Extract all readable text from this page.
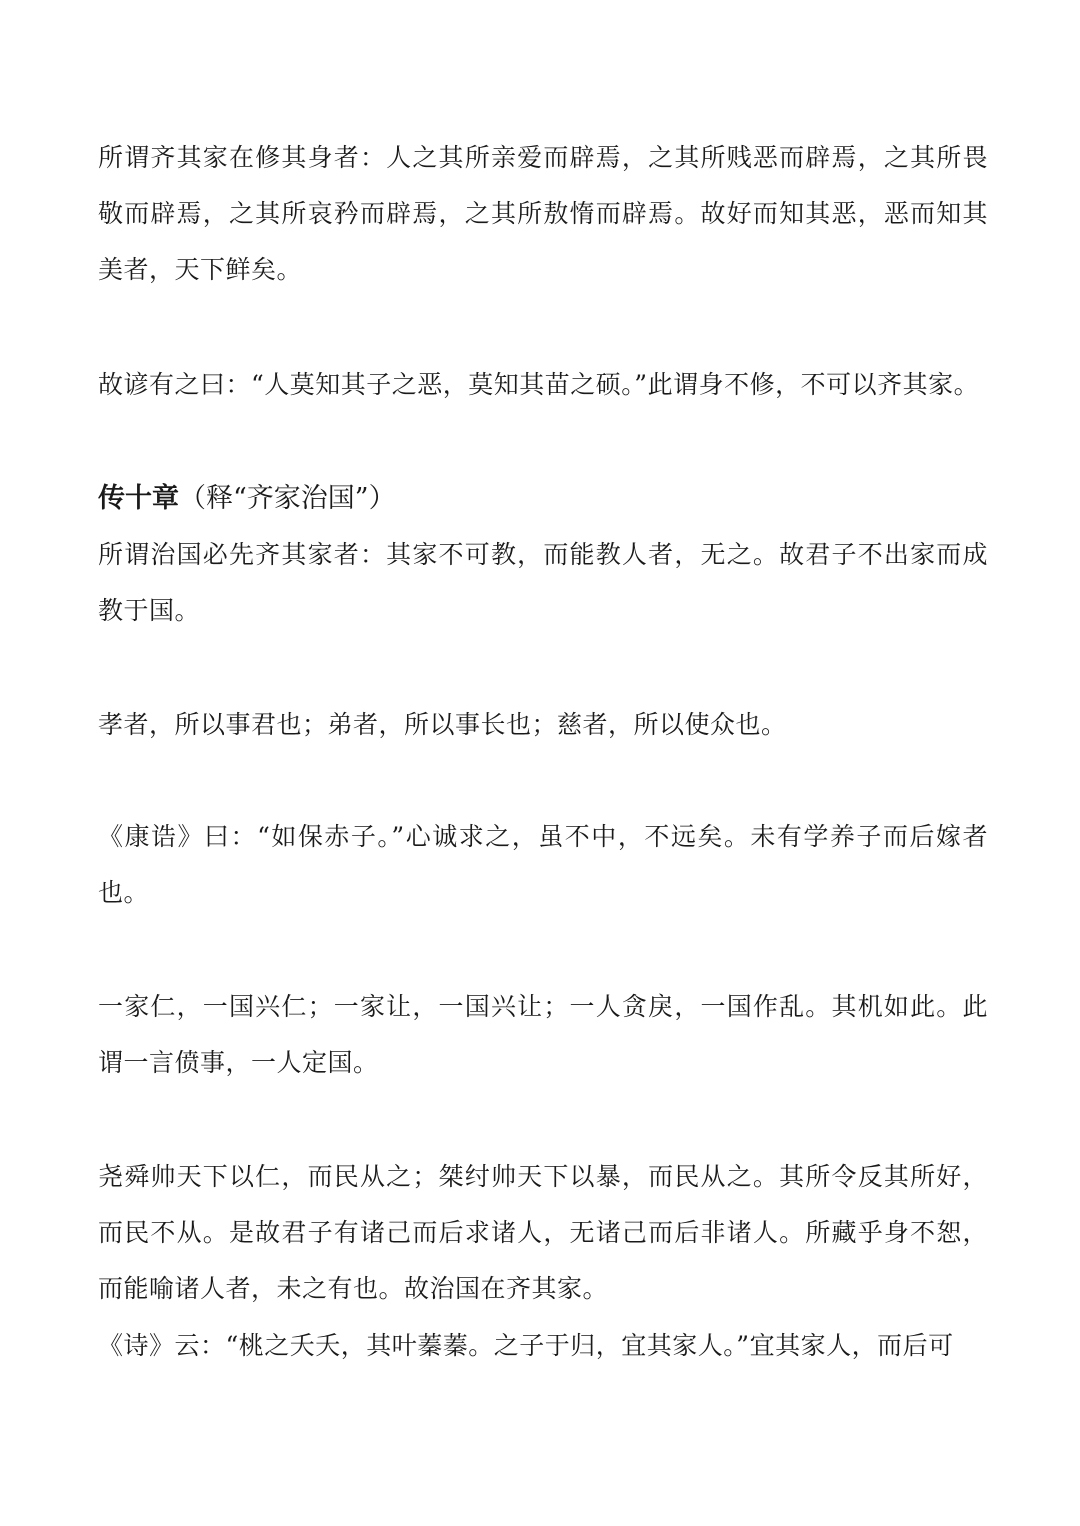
所谓齐其家在修其身者：人之其所亲爱而辟焉，之其所贱恶而辟焉，之其所畏敬而辟焉，之其所哀矜而辟焉，之其所敖惰而辟焉。故好而知其恶，恶而知其美者，天下鲜矣。

故谚有之曰：“人莫知其子之恶，莫知其苗之硕。”此谓身不修，不可以齐其家。

传十章（释“齐家治国”）

所谓治国必先齐其家者：其家不可教，而能教人者，无之。故君子不出家而成教于国。

孝者，所以事君也；弟者，所以事长也；慈者，所以使众也。

《康诰》曰：“如保赤子。”心诚求之，虽不中，不远矣。未有学养子而后嫁者也。

一家仁，一国兴仁；一家让，一国兴让；一人贪戾，一国作乱。其机如此。此谓一言偾事，一人定国。

尧舜帅天下以仁，而民从之；桀纣帅天下以暴，而民从之。其所令反其所好，而民不从。是故君子有诸己而后求诸人，无诸己而后非诸人。所藏乎身不恕，而能喻诸人者，未之有也。故治国在齐其家。

《诗》云：“桃之夭夭，其叶蓁蓁。之子于归，宜其家人。”宜其家人，而后可
